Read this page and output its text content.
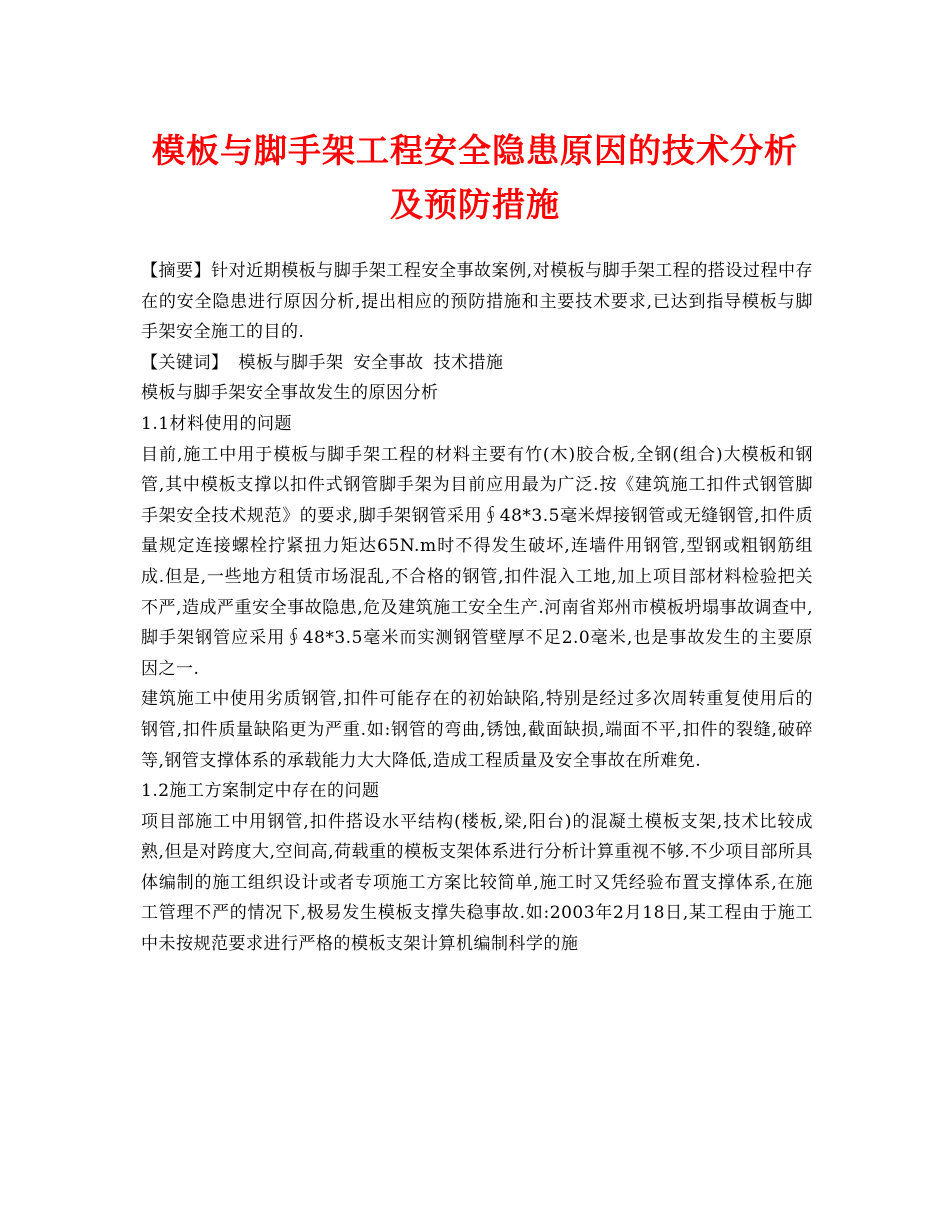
模板与脚手架工程安全隐患原因的技术分析
及预防措施

【摘要】针对近期模板与脚手架工程安全事故案例,对模板与脚手架工程的搭设过程中存在的安全隐患进行原因分析,提出相应的预防措施和主要技术要求,已达到指导模板与脚手架安全施工的目的.

【关键词】 模板与脚手架 安全事故 技术措施

模板与脚手架安全事故发生的原因分析

1.1材料使用的问题

目前,施工中用于模板与脚手架工程的材料主要有竹(木)胶合板,全钢(组合)大模板和钢管,其中模板支撑以扣件式钢管脚手架为目前应用最为广泛.按《建筑施工扣件式钢管脚手架安全技术规范》的要求,脚手架钢管采用∮48*3.5毫米焊接钢管或无缝钢管,扣件质量规定连接螺栓拧紧扭力矩达65N.m时不得发生破坏,连墙件用钢管,型钢或粗钢筋组成.但是,一些地方租赁市场混乱,不合格的钢管,扣件混入工地,加上项目部材料检验把关不严,造成严重安全事故隐患,危及建筑施工安全生产.河南省郑州市模板坍塌事故调查中,脚手架钢管应采用∮48*3.5毫米而实测钢管壁厚不足2.0毫米,也是事故发生的主要原因之一.

建筑施工中使用劣质钢管,扣件可能存在的初始缺陷,特别是经过多次周转重复使用后的钢管,扣件质量缺陷更为严重.如:钢管的弯曲,锈蚀,截面缺损,端面不平,扣件的裂缝,破碎等,钢管支撑体系的承载能力大大降低,造成工程质量及安全事故在所难免.

1.2施工方案制定中存在的问题

项目部施工中用钢管,扣件搭设水平结构(楼板,梁,阳台)的混凝土模板支架,技术比较成熟,但是对跨度大,空间高,荷载重的模板支架体系进行分析计算重视不够.不少项目部所具体编制的施工组织设计或者专项施工方案比较简单,施工时又凭经验布置支撑体系,在施工管理不严的情况下,极易发生模板支撑失稳事故.如:2003年2月18日,某工程由于施工中未按规范要求进行严格的模板支架计算机编制科学的施
